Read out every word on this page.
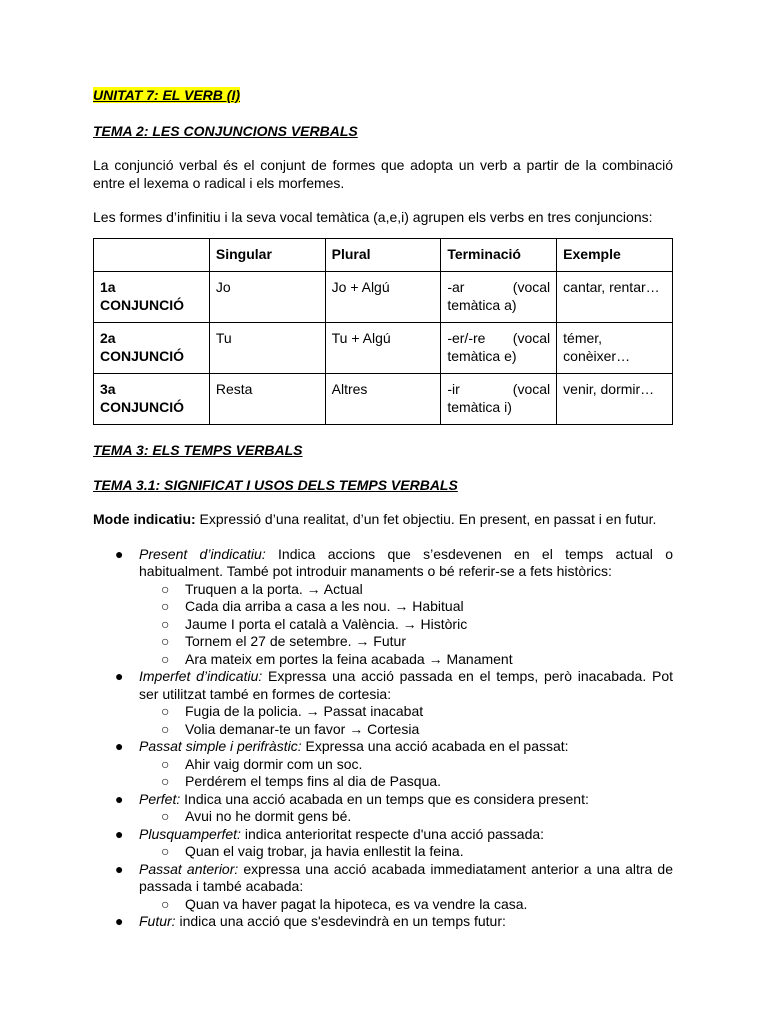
UNITAT 7: EL VERB (I)

TEMA 2: LES CONJUNCIONS VERBALS

La conjunció verbal és el conjunt de formes que adopta un verb a partir de la combinació entre el lexema o radical i els morfemes.

Les formes d’infinitiu i la seva vocal temàtica (a,e,i) agrupen els verbs en tres conjuncions:

	Singular	Plural	Terminació	Exemple
1a CONJUNCIÓ	Jo	Jo + Algú	-ar (vocal temàtica a)	cantar, rentar…
2a CONJUNCIÓ	Tu	Tu + Algú	-er/-re (vocal temàtica e)	témer, conèixer…
3a CONJUNCIÓ	Resta	Altres	-ir (vocal temàtica i)	venir, dormir…

TEMA 3: ELS TEMPS VERBALS

TEMA 3.1: SIGNIFICAT I USOS DELS TEMPS VERBALS

Mode indicatiu: Expressió d’una realitat, d’un fet objectiu. En present, en passat i en futur.

● Present d’indicatiu: Indica accions que s’esdevenen en el temps actual o habitualment. També pot introduir manaments o bé referir-se a fets històrics:
○ Truquen a la porta. → Actual
○ Cada dia arriba a casa a les nou. → Habitual
○ Jaume I porta el català a València. → Històric
○ Tornem el 27 de setembre. → Futur
○ Ara mateix em portes la feina acabada → Manament
● Imperfet d’indicatiu: Expressa una acció passada en el temps, però inacabada. Pot ser utilitzat també en formes de cortesia:
○ Fugia de la policia. → Passat inacabat
○ Volia demanar-te un favor → Cortesia
● Passat simple i perifràstic: Expressa una acció acabada en el passat:
○ Ahir vaig dormir com un soc.
○ Perdérem el temps fins al dia de Pasqua.
● Perfet: Indica una acció acabada en un temps que es considera present:
○ Avui no he dormit gens bé.
● Plusquamperfet: indica anterioritat respecte d'una acció passada:
○ Quan el vaig trobar, ja havia enllestit la feina.
● Passat anterior: expressa una acció acabada immediatament anterior a una altra de passada i també acabada:
○ Quan va haver pagat la hipoteca, es va vendre la casa.
● Futur: indica una acció que s'esdevindrà en un temps futur:
